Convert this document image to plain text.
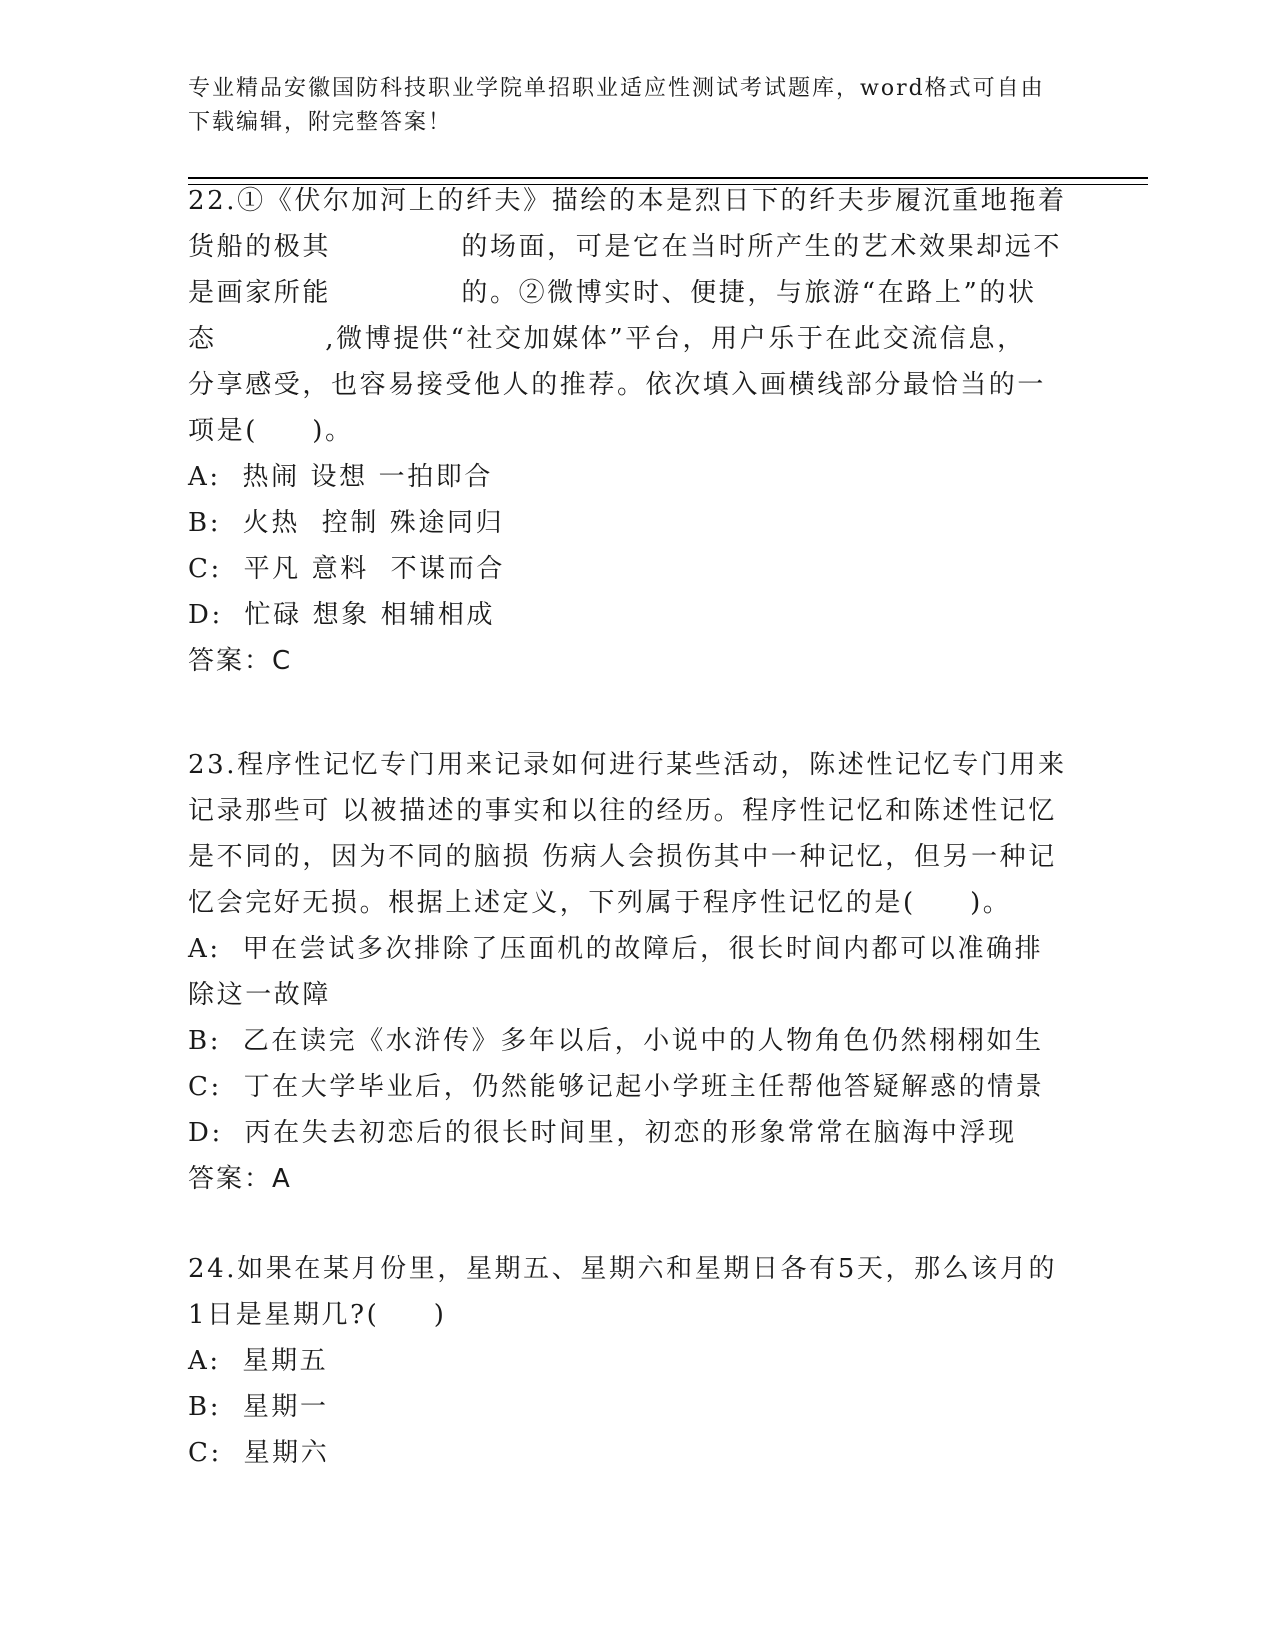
专业精品安徽国防科技职业学院单招职业适应性测试考试题库，word格式可自由
下载编辑，附完整答案！
22.①《伏尔加河上的纤夫》描绘的本是烈日下的纤夫步履沉重地拖着
货船的极其            的场面，可是它在当时所产生的艺术效果却远不
是画家所能            的。②微博实时、便捷，与旅游“在路上”的状
态          ,微博提供“社交加媒体”平台，用户乐于在此交流信息，
分享感受，也容易接受他人的推荐。依次填入画横线部分最恰当的一
项是(     )。
A:  热闹 设想 一拍即合
B:  火热  控制 殊途同归
C:  平凡 意料  不谋而合
D:  忙碌 想象 相辅相成
答案：C
23.程序性记忆专门用来记录如何进行某些活动，陈述性记忆专门用来
记录那些可 以被描述的事实和以往的经历。程序性记忆和陈述性记忆
是不同的，因为不同的脑损 伤病人会损伤其中一种记忆，但另一种记
忆会完好无损。根据上述定义，下列属于程序性记忆的是(     )。
A:  甲在尝试多次排除了压面机的故障后，很长时间内都可以准确排
除这一故障
B:  乙在读完《水浒传》多年以后，小说中的人物角色仍然栩栩如生
C:  丁在大学毕业后，仍然能够记起小学班主任帮他答疑解惑的情景
D:  丙在失去初恋后的很长时间里，初恋的形象常常在脑海中浮现
答案：A
24.如果在某月份里，星期五、星期六和星期日各有5天，那么该月的
1日是星期几?(     )
A:  星期五
B:  星期一
C:  星期六
